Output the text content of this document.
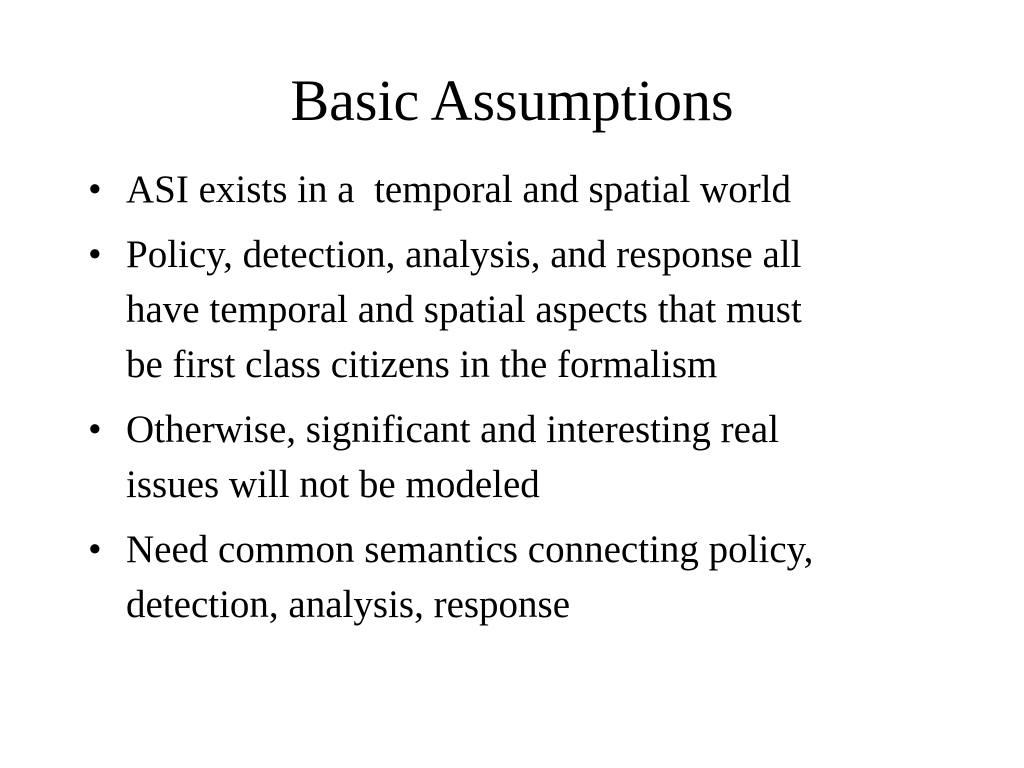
Basic Assumptions
• ASI exists in a  temporal and spatial world
• Policy, detection, analysis, and response all
have temporal and spatial aspects that must
be first class citizens in the formalism
• Otherwise, significant and interesting real
issues will not be modeled
• Need common semantics connecting policy,
detection, analysis, response
